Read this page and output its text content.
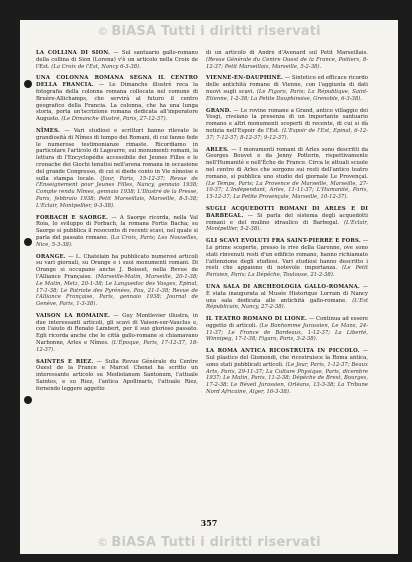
© BiASA Tutti i diritti riservati
LA COLLINA DI SION. — Sul santuario gallo-romano della collina di Sion (Lorena) v'è un articolo nella Croix de l'Est. (La Croix de l'Est, Nancy 6-3-38).
UNA COLONNA ROMANA SEGNA IL CENTRO DELLA FRANCIA. — Le Dimanche illustré reca la fotografia della colonna romana collocata nel comune di Bruère-Allichamps, che servirà al futuro il centro geografico della Francia. La colonna, che ha una lunga storia, porta un'iscrizione romana dedicata all'imperatore Augusto. (Le Dimanche illustré, Paris, 27-12-37).
NÎMES. — Vari studiosi e scrittori hanno rilevato le grandiosità di Nîmes di tempo dei Romani, di cui fanno fede le numerose testimonianze rimaste. Ricordiamo in particolare l'articolo di Lagourre, sui monumenti romani, la lettura di l'Encyclopédie accessibile dei Jeunes Filles e le cronache dei Giochi tenutisi nell'arena romana in occasione del grande Congresso, di cui si diede conto in Vie nîmoise e sulla stampa locale. (Jour, Paris, 15-12-37; Revue de l'Enseignement pour Jeunes Filles, Nancy, gennaio 1938; Compte rendu Nîmes, gennaio 1938; L'Illustré de la Presse, Paris, febbraio 1938; Petit Marseillais, Marseille, 8-3-38; L'Eclair, Montpellier, 9-3-38).
FORBACH E SAORGE. — A Saorge ricorda, nella Val Roia, lo sviluppo di Forbach, la romana Fortis Bacha; su Saorge si pubblica il resoconto di recenti scavi, nel quale si parla del passato romano. (La Croix, Paris; Les Nouvelles, Nice, 5-3-38).
ORANGE. — L. Chatelain ha pubblicato numerosi articoli su vari giornali, su Orange e i suoi monumenti romani. Di Orange si occupano anche J. Boisset, nella Revue de l'Alliance Française. (Marseille-Matin, Marseille, 20-1-38; Le Matin, Metz, 20-1-38; Le Languedoc des Vosges, Epinal, 17-1-38; Le Patriote des Pyrénées, Pau, 21-1-38; Revue de l'Alliance Française, Paris, gennaio 1938; Journal de Genève, Paris, 1-3-38).
VAISON LA ROMAINE. — Guy Montlevier illustra, in due interessanti articoli, gli scavi di Vaison-sur-Vauclus e, con l'aiuto di Renato Lambert, per il suo glorioso passato. Egli ricorda anche che le città gallo-romane si chiamavano Narbonne, Arles e Nîmes. (L'Époque, Paris, 17-12-37, 18-12-37).
SAINTES E RIEZ. — Sulla Revue Générale du Centre Ouest de la France e Marcel Chenel ha scritto un interessante articolo su Mediolanum Santonum, l'attuale Saintes, e su Riez, l'antica Apollinaris, l'attuale Riez, fornendo leggere aggetto
di un articolo di André d'Avenard sul Petit Marseillais. (Revue Générale du Centre Ouest de la France, Poitiers, 8-12-37; Petit Marseillais, Marseille, 5-2-38).
VIENNE-EN-DAUPHINÉ. — Sintetico ed efficace ricordo delle antichità romane di Vienne, con l'aggiunta di dati nuovi sugli scavi. (Le Figaro, Paris; La République, Saint-Etienne, 1-2-38; La Petite Dauphinoise, Grenoble, 6-3-38).
GRAND. — Le rovine romane a Grand, antico villaggio dei Vosgi, rivelano la presenza di un importante santuario romano e altri monumenti scoperti di recente, di cui si dà notizia nell'Espoir de l'Est. (L'Espoir de l'Est, Epinal, 6-12-37; 7-12-37; 8-12-37; 9-12-37).
ARLES. — I monumenti romani di Arles sono descritti da Georges Bouvet e da Jenny Potterin, rispettivamente nell'Humanité e nell'Écho de France. Circa le attuali scuole nel centro di Arles che sorgono sui resti dell'antico teatro romano, si pubblica uno studio del giornale Le Provençal. (Le Temps, Paris; La Provence de Marseille, Marseille, 27-10-37; L'Indépendant, Arles, 11-11-37; L'Humanité, Paris, 15-12-37; La Petite Provençale, Marseille, 10-12-37).
SUGLI ACQUEDOTTI ROMANI DI ARLES E DI BARBEGAL. — Si parla del sistema degli acquedotti romani e del mulino idraulico di Barbegal. (L'Eclair, Montpellier, 5-2-38).
GLI SCAVI EVOLUTI FRA SAINT-PIERRE E FORS. — Le prime scoperte, presso le rive della Garonne, ove sono stati rinvenuti resti d'un edificio romano, hanno richiamato l'attenzione degli studiosi. Vari studiosi hanno descritto i resti che appaiono di notevole importanza. (Le Petit Parisien, Paris; La Dépêche, Toulouse, 21-2-38).
UNA SALA DI ARCHEOLOGIA GALLO-ROMANA. — È stata inaugurata al Musée Historique Lorrain di Nancy una sala dedicata alle antichità gallo-romane. (L'Est Républicain, Nancy, 27-2-38).
IL TEATRO ROMANO DI LIONE. — Continua ad essere oggetto di articoli. (Le Bonhomme Jurassien, Le Mans, 24-11-37; Le France de Bordeaux, 1-12-37; La Liberté, Winnipeg, 17-1-38; Figaro, Paris, 3-2-38).
LA ROMA ANTICA RICOSTRUITA IN PICCOLO. — Sul plastico del Gismondi, che ricostruisce la Roma antica, sono stati pubblicati articoli. (Le Jour, Paris, 1-12-37; Beaux Arts, Paris, 29-11-37; La Culture Physique, Paris, dicembre 1937; Le Matin, Paris, 11-2-38; Dépêche de Brest, Bourges, 17-2-38; Le Réveil Jurassien, Orléans, 13-3-38; La Tribune Nord Africaine, Alger, 16-3-38).
357
© BiASA Tutti i diritti riservati
